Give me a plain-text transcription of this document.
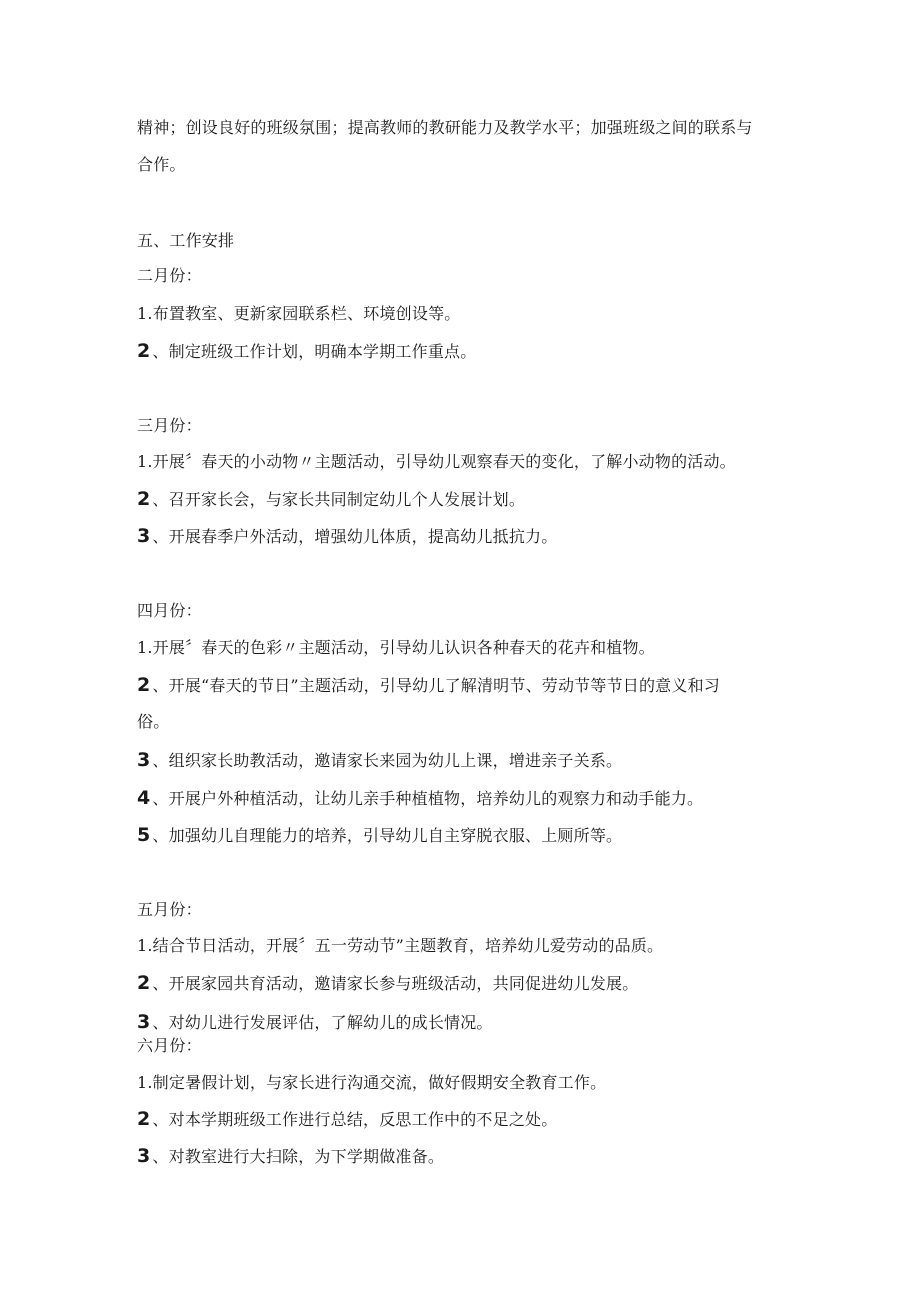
精神；创设良好的班级氛围；提高教师的教研能力及教学水平；加强班级之间的联系与
合作。
五、工作安排
二月份：
1.布置教室、更新家园联系栏、环境创设等。
2 、制定班级工作计划，明确本学期工作重点。
三月份：
1.开展〞春天的小动物〃主题活动，引导幼儿观察春天的变化，了解小动物的活动。
2 、召开家长会，与家长共同制定幼儿个人发展计划。
3 、开展春季户外活动，增强幼儿体质，提高幼儿抵抗力。
四月份：
1.开展〞春天的色彩〃主题活动，引导幼儿认识各种春天的花卉和植物。
2 、开展“春天的节日”主题活动，引导幼儿了解清明节、劳动节等节日的意义和习
俗。
3 、组织家长助教活动，邀请家长来园为幼儿上课，增进亲子关系。
4 、开展户外种植活动，让幼儿亲手种植植物，培养幼儿的观察力和动手能力。
5 、加强幼儿自理能力的培养，引导幼儿自主穿脱衣服、上厕所等。
五月份：
1.结合节日活动，开展〞五一劳动节”主题教育，培养幼儿爱劳动的品质。
2 、开展家园共育活动，邀请家长参与班级活动，共同促进幼儿发展。
3 、对幼儿进行发展评估，了解幼儿的成长情况。
六月份：
1.制定暑假计划，与家长进行沟通交流，做好假期安全教育工作。
2 、对本学期班级工作进行总结，反思工作中的不足之处。
3 、对教室进行大扫除，为下学期做准备。
